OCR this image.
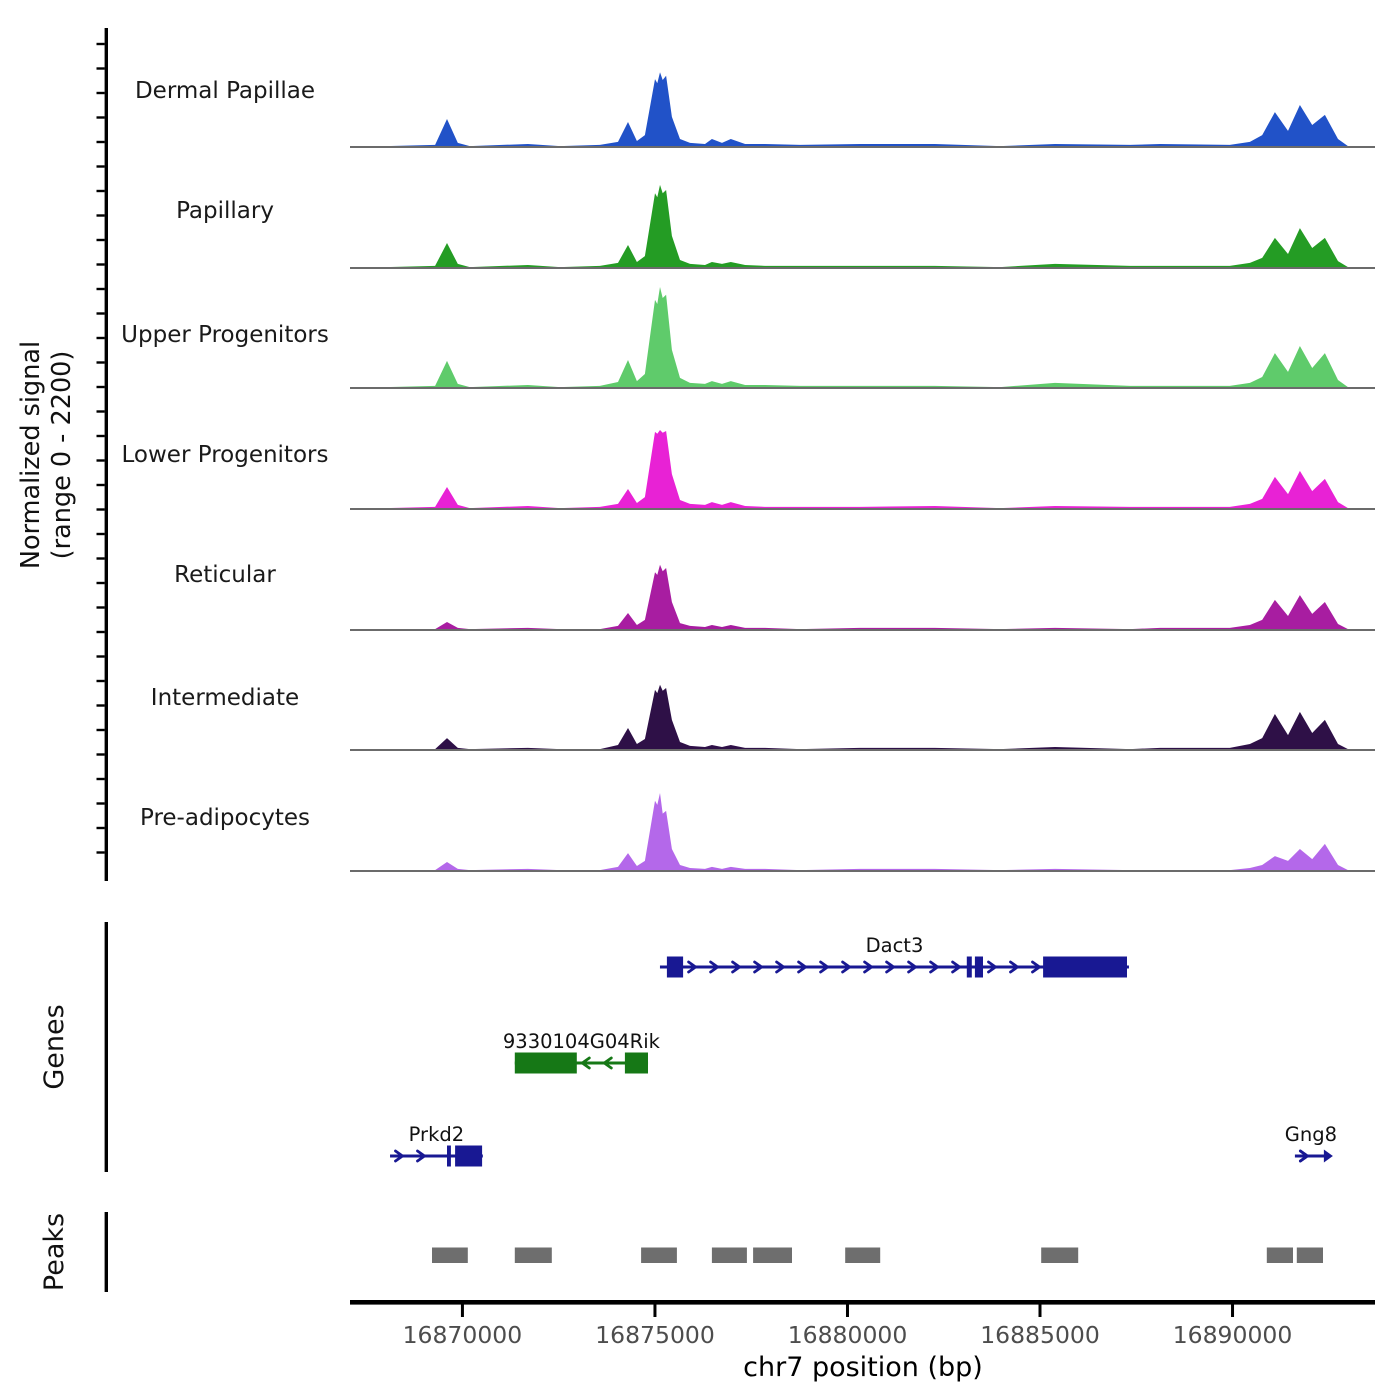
Dact3
9330104G04Rik
Prkd2	Gng8
16870000	16875000	16880000	16885000	16890000
Dermal Papillae
Papillary
Upper Progenitors
Lower Progenitors
Reticular
Intermediate
Pre-adipocytes
Normalized signal (range 0 - 2200)
Genes
Peaks
chr7 position (bp)
